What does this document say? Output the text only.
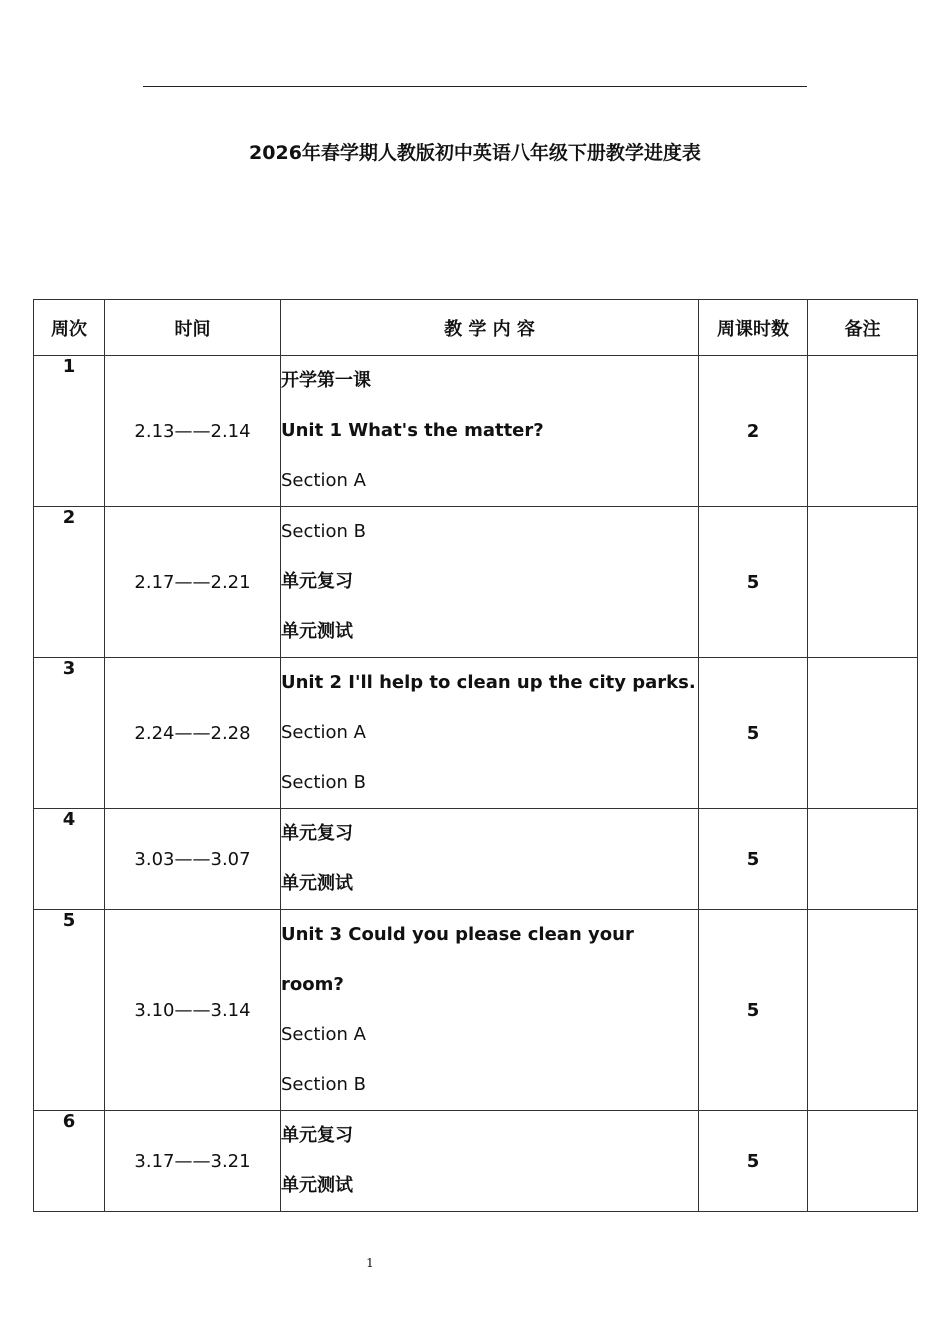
2026年春学期人教版初中英语八年级下册教学进度表
周次	时间	教 学 内 容	周课时数	备注
1	2.13——2.14	开学第一课
Unit 1 What's the matter?
Section A	2	
2	2.17——2.21	Section B
单元复习
单元测试	5	
3	2.24——2.28	Unit 2 I'll help to clean up the city parks.
Section A
Section B	5	
4	3.03——3.07	单元复习
单元测试	5	
5	3.10——3.14	Unit 3 Could you please clean your
room?
Section A
Section B	5	
6	3.17——3.21	单元复习
单元测试	5	
1
